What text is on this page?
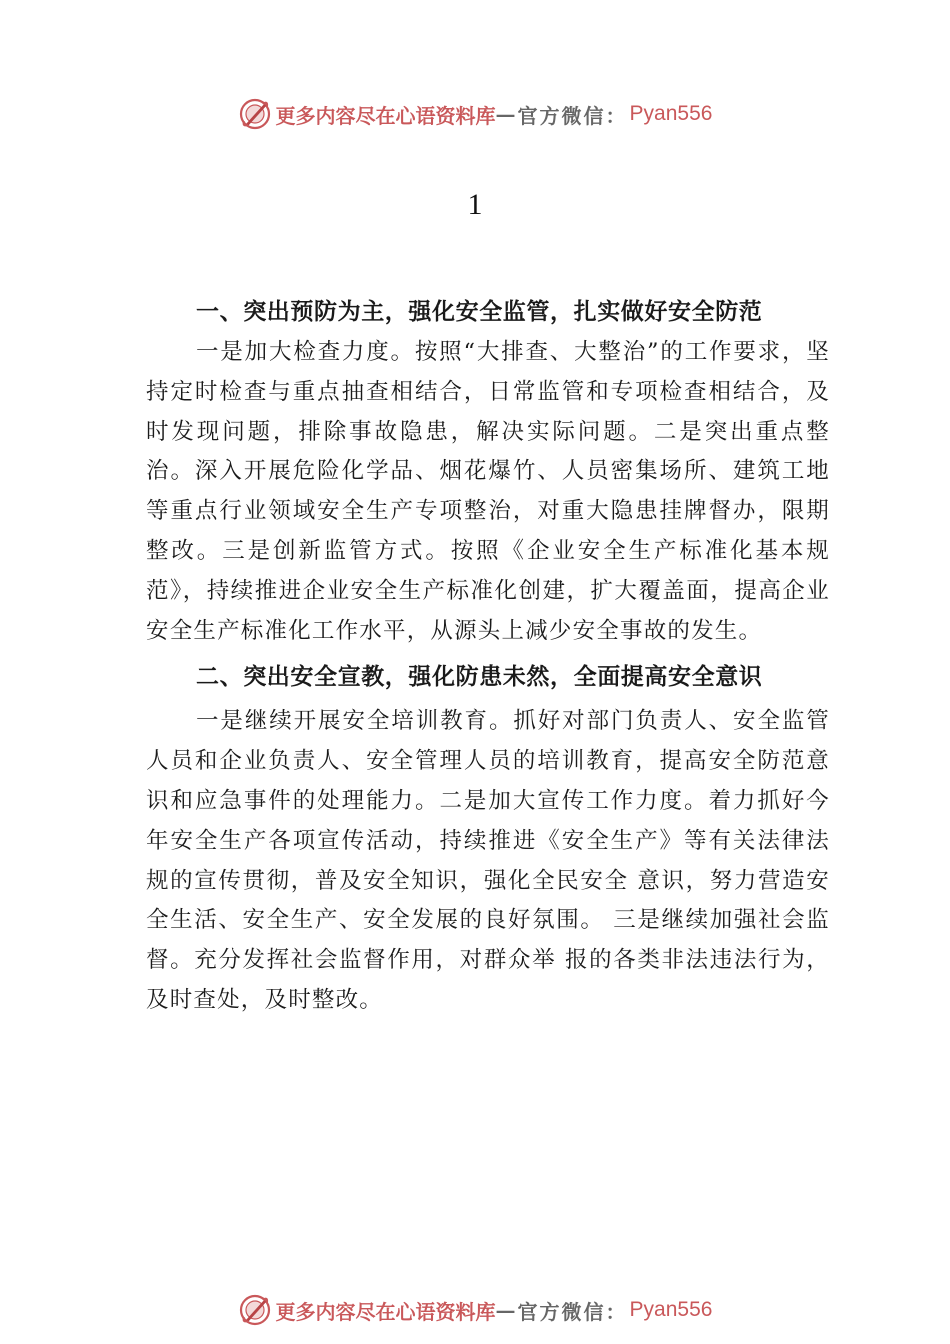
更多内容尽在心语资料库 — 官方微信： Pyan556
1

一、突出预防为主，强化安全监管，扎实做好安全防范

一是加大检查力度。按照“大排查、大整治”的工作要求，坚持定时检查与重点抽查相结合，日常监管和专项检查相结合，及时发现问题，排除事故隐患，解决实际问题。二是突出重点整治。深入开展危险化学品、烟花爆竹、人员密集场所、建筑工地等重点行业领域安全生产专项整治，对重大隐患挂牌督办，限期整改。三是创新监管方式。按照《企业安全生产标准化基本规范》，持续推进企业安全生产标准化创建，扩大覆盖面，提高企业安全生产标准化工作水平，从源头上减少安全事故的发生。

二、突出安全宣教，强化防患未然，全面提高安全意识

一是继续开展安全培训教育。抓好对部门负责人、安全监管人员和企业负责人、安全管理人员的培训教育，提高安全防范意识和应急事件的处理能力。二是加大宣传工作力度。着力抓好今年安全生产各项宣传活动，持续推进《安全生产》等有关法律法规的宣传贯彻，普及安全知识，强化全民安全 意识，努力营造安全生活、安全生产、安全发展的良好氛围。 三是继续加强社会监督。充分发挥社会监督作用，对群众举 报的各类非法违法行为，及时查处，及时整改。

更多内容尽在心语资料库 — 官方微信： Pyan556
